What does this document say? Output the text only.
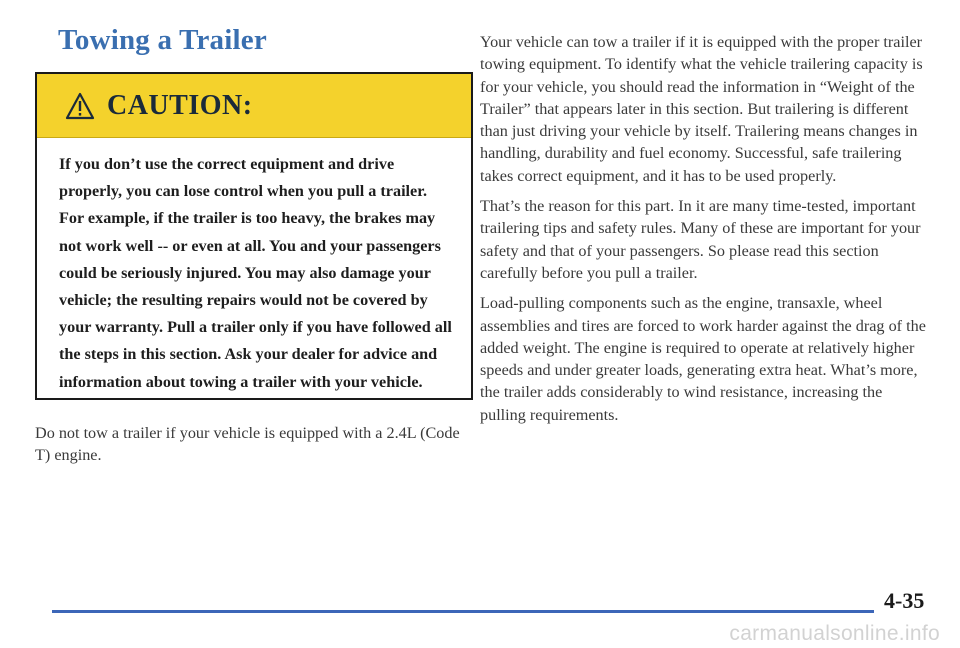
Towing a Trailer
CAUTION:
If you don’t use the correct equipment and drive properly, you can lose control when you pull a trailer. For example, if the trailer is too heavy, the brakes may not work well -- or even at all. You and your passengers could be seriously injured. You may also damage your vehicle; the resulting repairs would not be covered by your warranty. Pull a trailer only if you have followed all the steps in this section. Ask your dealer for advice and information about towing a trailer with your vehicle.
Do not tow a trailer if your vehicle is equipped with a 2.4L (Code T) engine.

Your vehicle can tow a trailer if it is equipped with the proper trailer towing equipment. To identify what the vehicle trailering capacity is for your vehicle, you should read the information in “Weight of the Trailer” that appears later in this section. But trailering is different than just driving your vehicle by itself. Trailering means changes in handling, durability and fuel economy. Successful, safe trailering takes correct equipment, and it has to be used properly.

That’s the reason for this part. In it are many time-tested, important trailering tips and safety rules. Many of these are important for your safety and that of your passengers. So please read this section carefully before you pull a trailer.

Load-pulling components such as the engine, transaxle, wheel assemblies and tires are forced to work harder against the drag of the added weight. The engine is required to operate at relatively higher speeds and under greater loads, generating extra heat. What’s more, the trailer adds considerably to wind resistance, increasing the pulling requirements.

4-35
carmanualsonline.info
